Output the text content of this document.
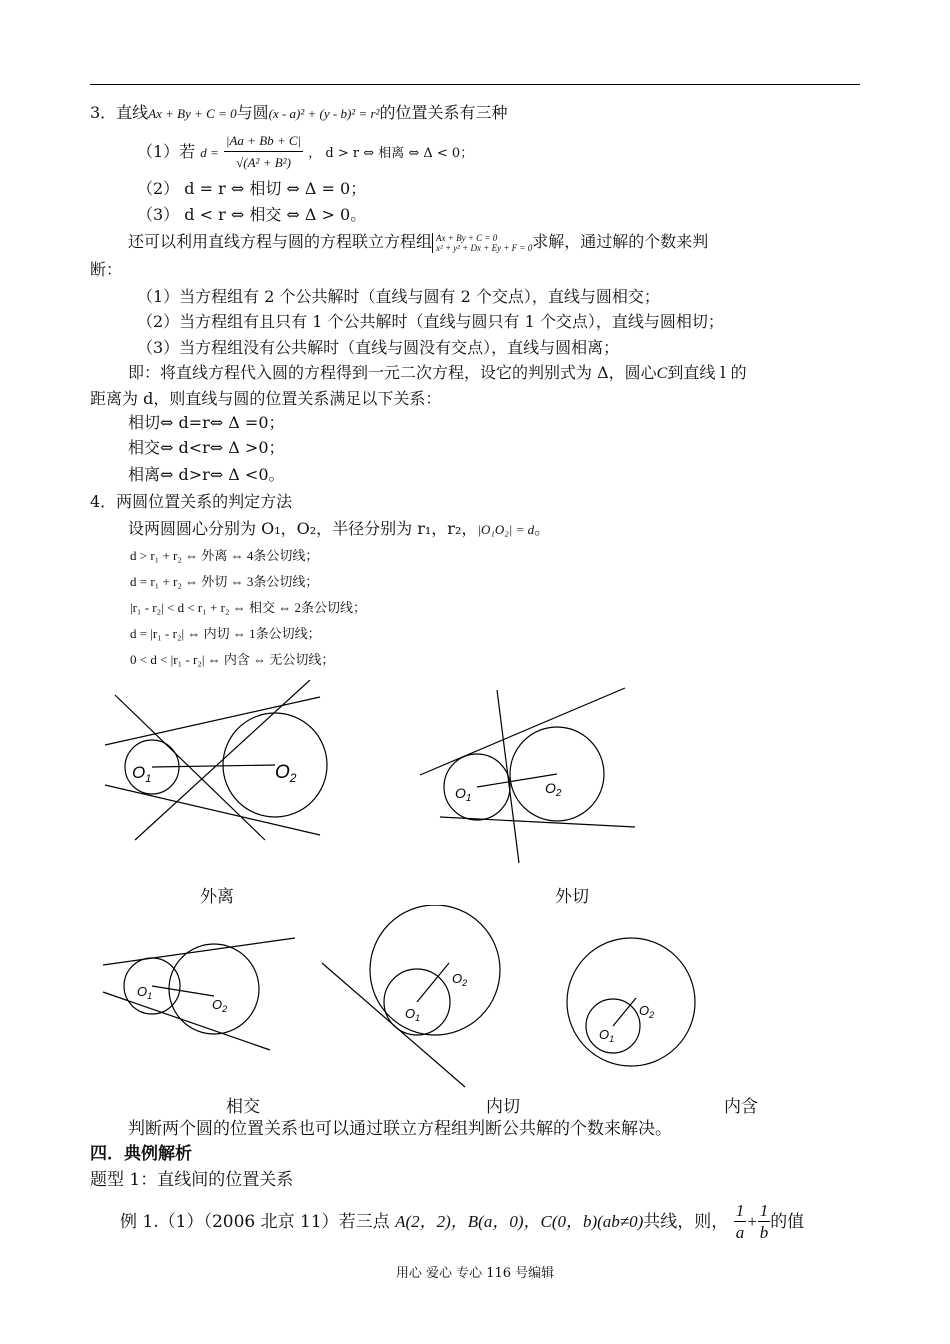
3．直线Ax + By + C = 0与圆(x - a)² + (y - b)² = r²的位置关系有三种
（1）若 $d = \frac{|Aa + Bb + C|}{\text{√(A² + B²)}}$ ， d > r ⇔ 相离 ⇔ Δ < 0；
（2） d = r ⇔ 相切 ⇔ Δ = 0；
（3） d < r ⇔ 相交 ⇔ Δ > 0。
还可以利用直线方程与圆的方程联立方程组 Ax + By + C = 0
x² + y² + Dx + Ey + F = 0 求解，通过解的个数来判
断：
（1）当方程组有 2 个公共解时（直线与圆有 2 个交点），直线与圆相交；
（2）当方程组有且只有 1 个公共解时（直线与圆只有 1 个交点），直线与圆相切；
（3）当方程组没有公共解时（直线与圆没有交点），直线与圆相离；
即：将直线方程代入圆的方程得到一元二次方程，设它的判别式为 Δ，圆心C到直线 l 的
距离为 d，则直线与圆的位置关系满足以下关系：
相切⇔ d=r⇔ Δ =0；
相交⇔ d<r⇔ Δ >0；
相离⇔ d>r⇔ Δ <0。
4．两圆位置关系的判定方法
设两圆圆心分别为 O₁，O₂，半径分别为 r₁，r₂，|O₁O₂| = d。
d > r₁ + r₂ ⇔ 外离 ⇔ 4条公切线；
d = r₁ + r₂ ⇔ 外切 ⇔ 3条公切线；
|r₁ - r₂| < d < r₁ + r₂ ⇔ 相交 ⇔ 2条公切线；
d = |r₁ - r₂| ⇔ 内切 ⇔ 1条公切线；
0 < d < |r₁ - r₂| ⇔ 内含 ⇔ 无公切线；
$O_1$	$O_2$
外离
$O_1$
$O_2$
外切
$O_1$
$O_2$
相交
$O_1$
$O_2$
内切
$O_1$
$O_2$
内含
判断两个圆的位置关系也可以通过联立方程组判断公共解的个数来解决。
四．典例解析
题型 1：直线间的位置关系
例 1.（1）（2006 北京 11）若三点 A(2，2)，B(a，0)，C(0，b)(ab≠0)共线，则， $\frac{1}{a} + \frac{1}{b}$ 的值
用心 爱心 专心 116 号编辑
